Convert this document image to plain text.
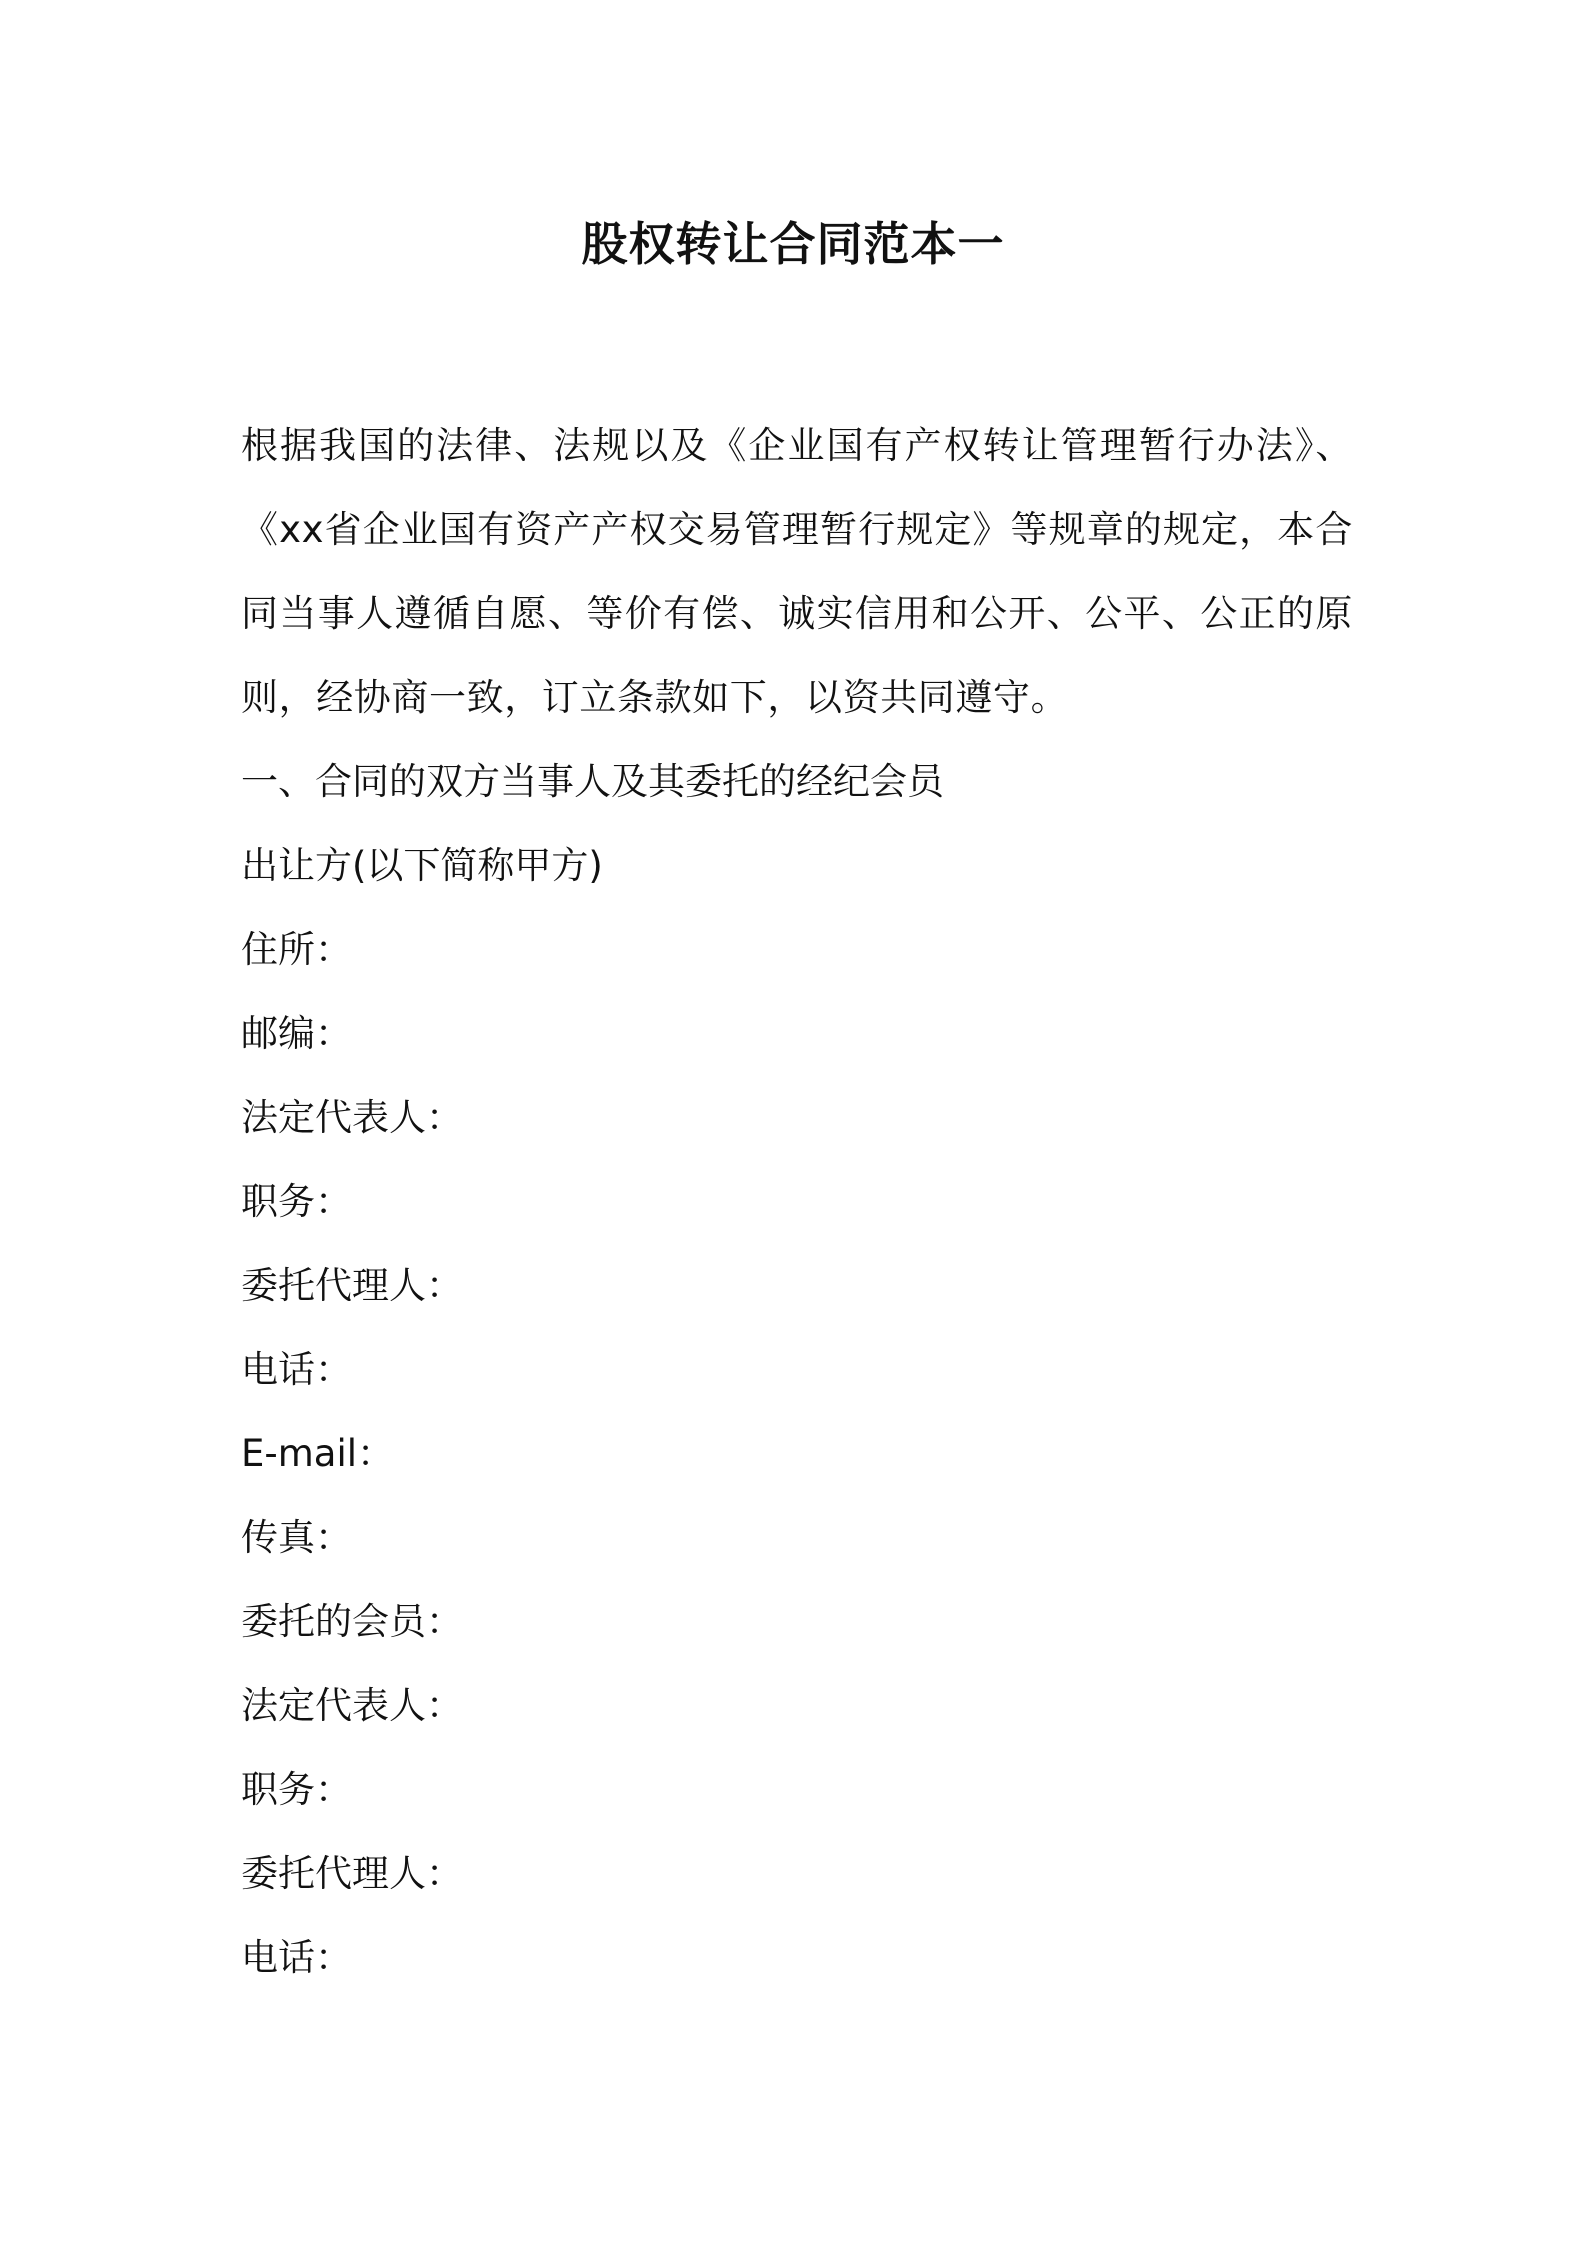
股权转让合同范本一

根据我国的法律、法规以及《企业国有产权转让管理暂行办法》、《xx省企业国有资产产权交易管理暂行规定》等规章的规定，本合同当事人遵循自愿、等价有偿、诚实信用和公开、公平、公正的原则，经协商一致，订立条款如下，以资共同遵守。

一、合同的双方当事人及其委托的经纪会员

出让方(以下简称甲方)

住所：

邮编：

法定代表人：

职务：

委托代理人：

电话：

E-mail：

传真：

委托的会员：

法定代表人：

职务：

委托代理人：

电话：
